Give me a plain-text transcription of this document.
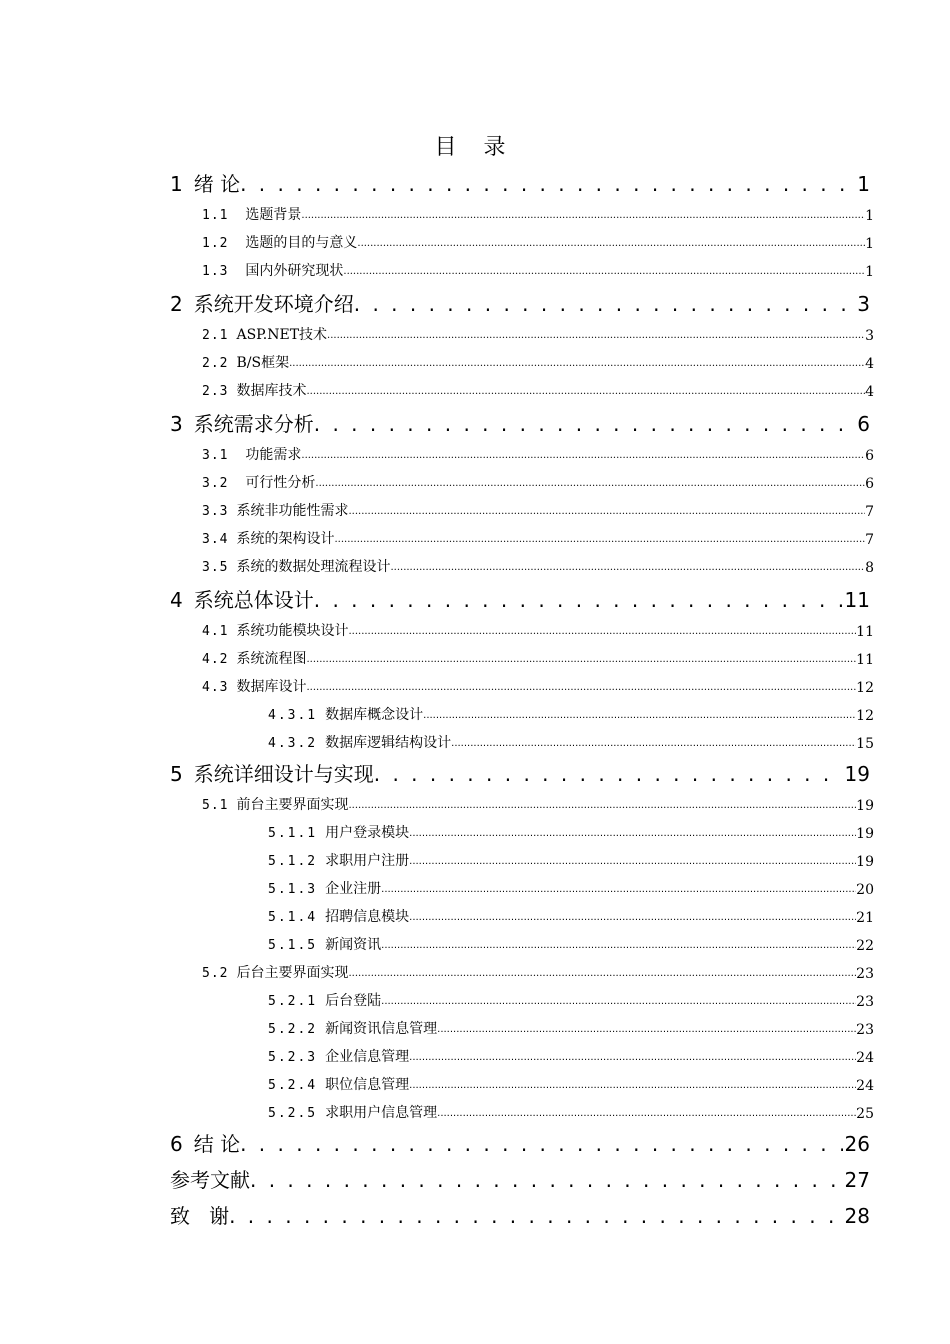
目 录
1 绪 论 . . .	1
1.1  选题背景 .....	1
1.2  选题的目的与意义 .....	1
1.3  国内外研究现状 .....	1
2 系统开发环境介绍 . . .	3
2.1 ASP.NET技术 .....	3
2.2 B/S框架 .....	4
2.3 数据库技术 .....	4
3 系统需求分析 . . .	6
3.1  功能需求 .....	6
3.2  可行性分析 .....	6
3.3 系统非功能性需求 .....	7
3.4 系统的架构设计 .....	7
3.5 系统的数据处理流程设计 .....	8
4 系统总体设计 . . .	11
4.1 系统功能模块设计 .....	11
4.2 系统流程图 .....	11
4.3 数据库设计 .....	12
4.3.1 数据库概念设计 .....	12
4.3.2 数据库逻辑结构设计 .....	15
5 系统详细设计与实现 . . .	19
5.1 前台主要界面实现 .....	19
5.1.1 用户登录模块 .....	19
5.1.2 求职用户注册 .....	19
5.1.3 企业注册 .....	20
5.1.4 招聘信息模块 .....	21
5.1.5 新闻资讯 .....	22
5.2 后台主要界面实现 .....	23
5.2.1 后台登陆 .....	23
5.2.2 新闻资讯信息管理 .....	23
5.2.3 企业信息管理 .....	24
5.2.4 职位信息管理 .....	24
5.2.5 求职用户信息管理 .....	25
6 结 论 . . .	26
参考文献 . . .	27
致   谢 . . .	28
